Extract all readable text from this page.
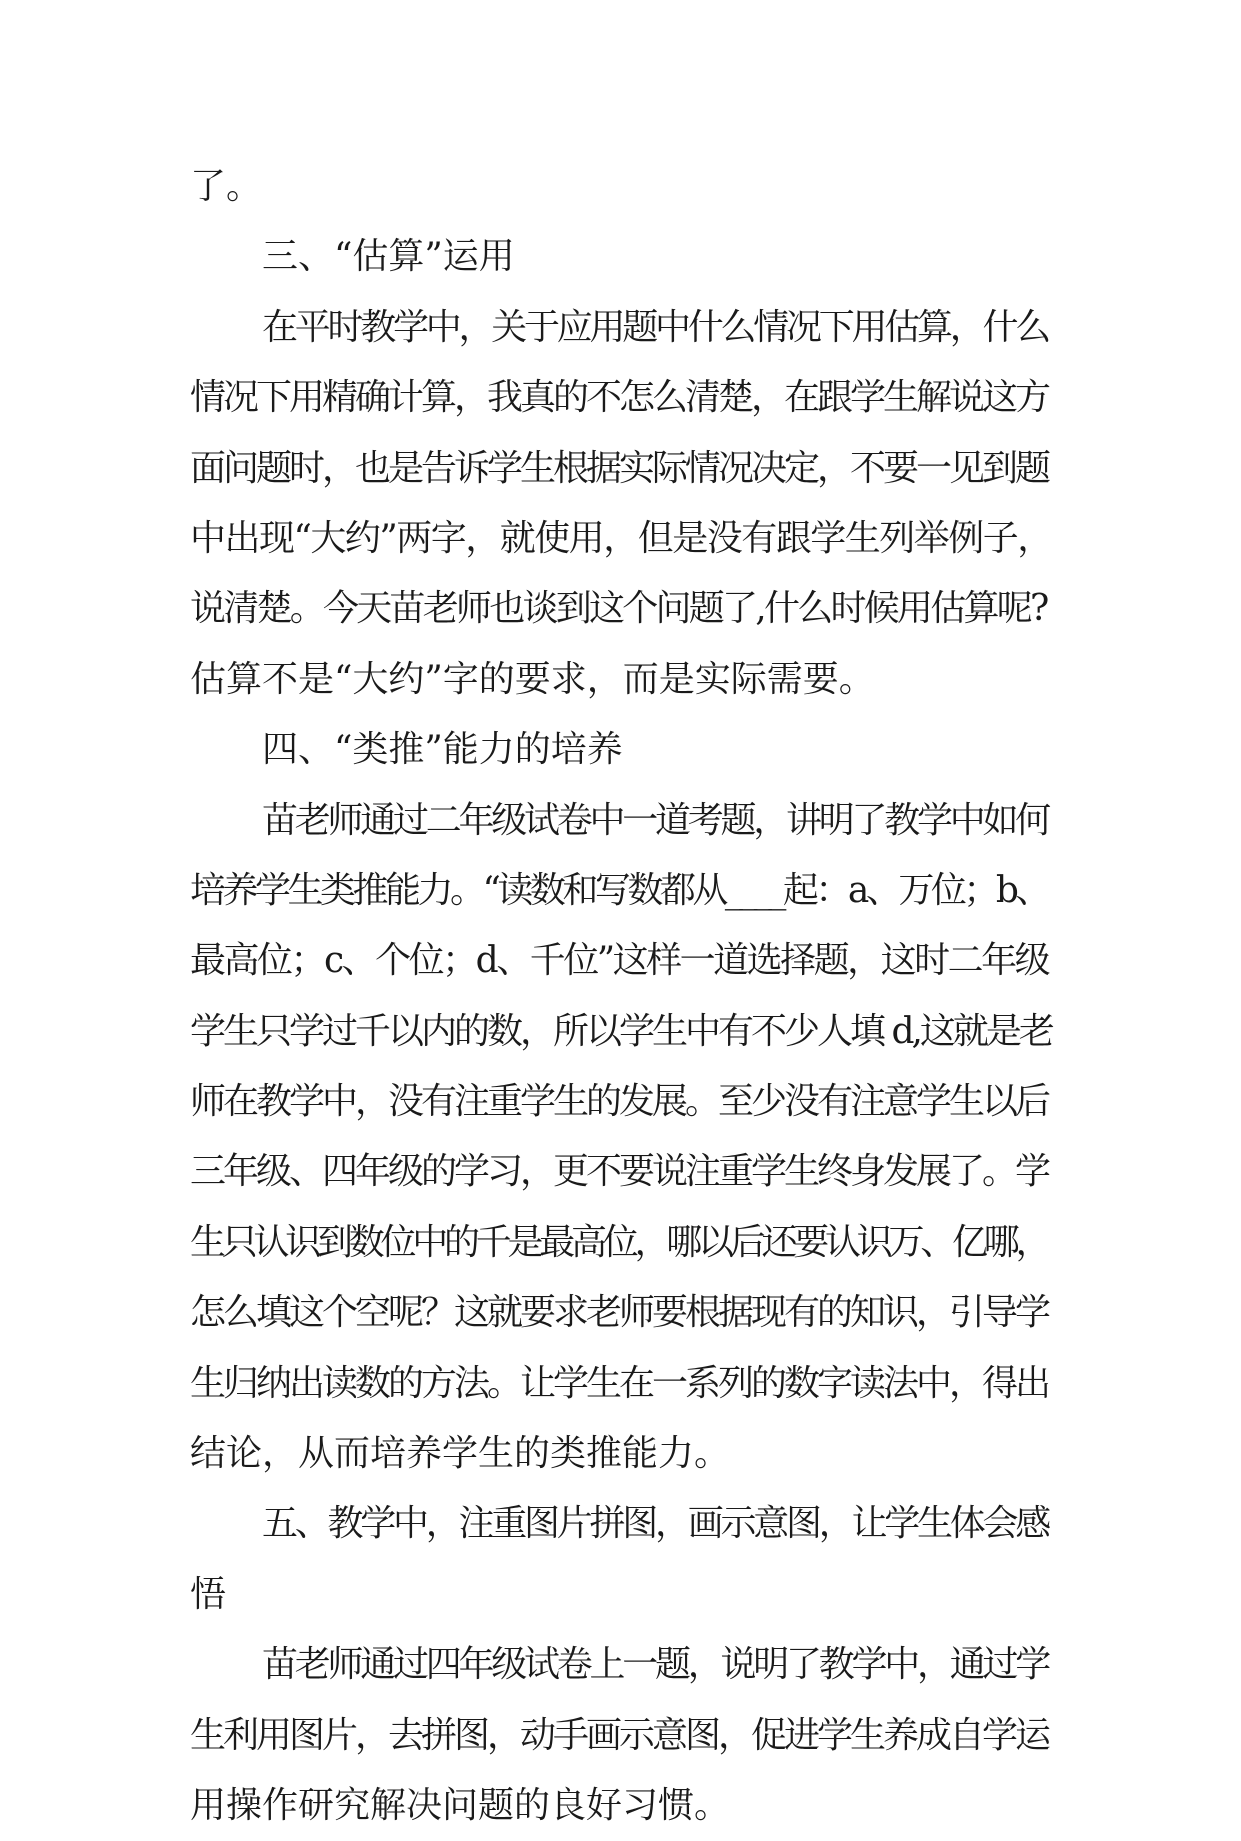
了。
三、“估算”运用
在平时教学中，关于应用题中什么情况下用估算，什么
情况下用精确计算，我真的不怎么清楚，在跟学生解说这方
面问题时，也是告诉学生根据实际情况决定，不要一见到题
中出现“大约”两字，就使用，但是没有跟学生列举例子，
说清楚。今天苗老师也谈到这个问题了,什么时候用估算呢?
估算不是“大约”字的要求，而是实际需要。
四、“类推”能力的培养
苗老师通过二年级试卷中一道考题，讲明了教学中如何
培养学生类推能力。“读数和写数都从____起：a、万位；b、
最高位；c、个位；d、千位”这样一道选择题，这时二年级
学生只学过千以内的数，所以学生中有不少人填 d,这就是老
师在教学中，没有注重学生的发展。至少没有注意学生以后
三年级、四年级的学习，更不要说注重学生终身发展了。学
生只认识到数位中的千是最高位，哪以后还要认识万、亿哪，
怎么填这个空呢？这就要求老师要根据现有的知识，引导学
生归纳出读数的方法。让学生在一系列的数字读法中，得出
结论，从而培养学生的类推能力。
五、教学中，注重图片拼图，画示意图，让学生体会感
悟
苗老师通过四年级试卷上一题，说明了教学中，通过学
生利用图片，去拼图，动手画示意图，促进学生养成自学运
用操作研究解决问题的良好习惯。
